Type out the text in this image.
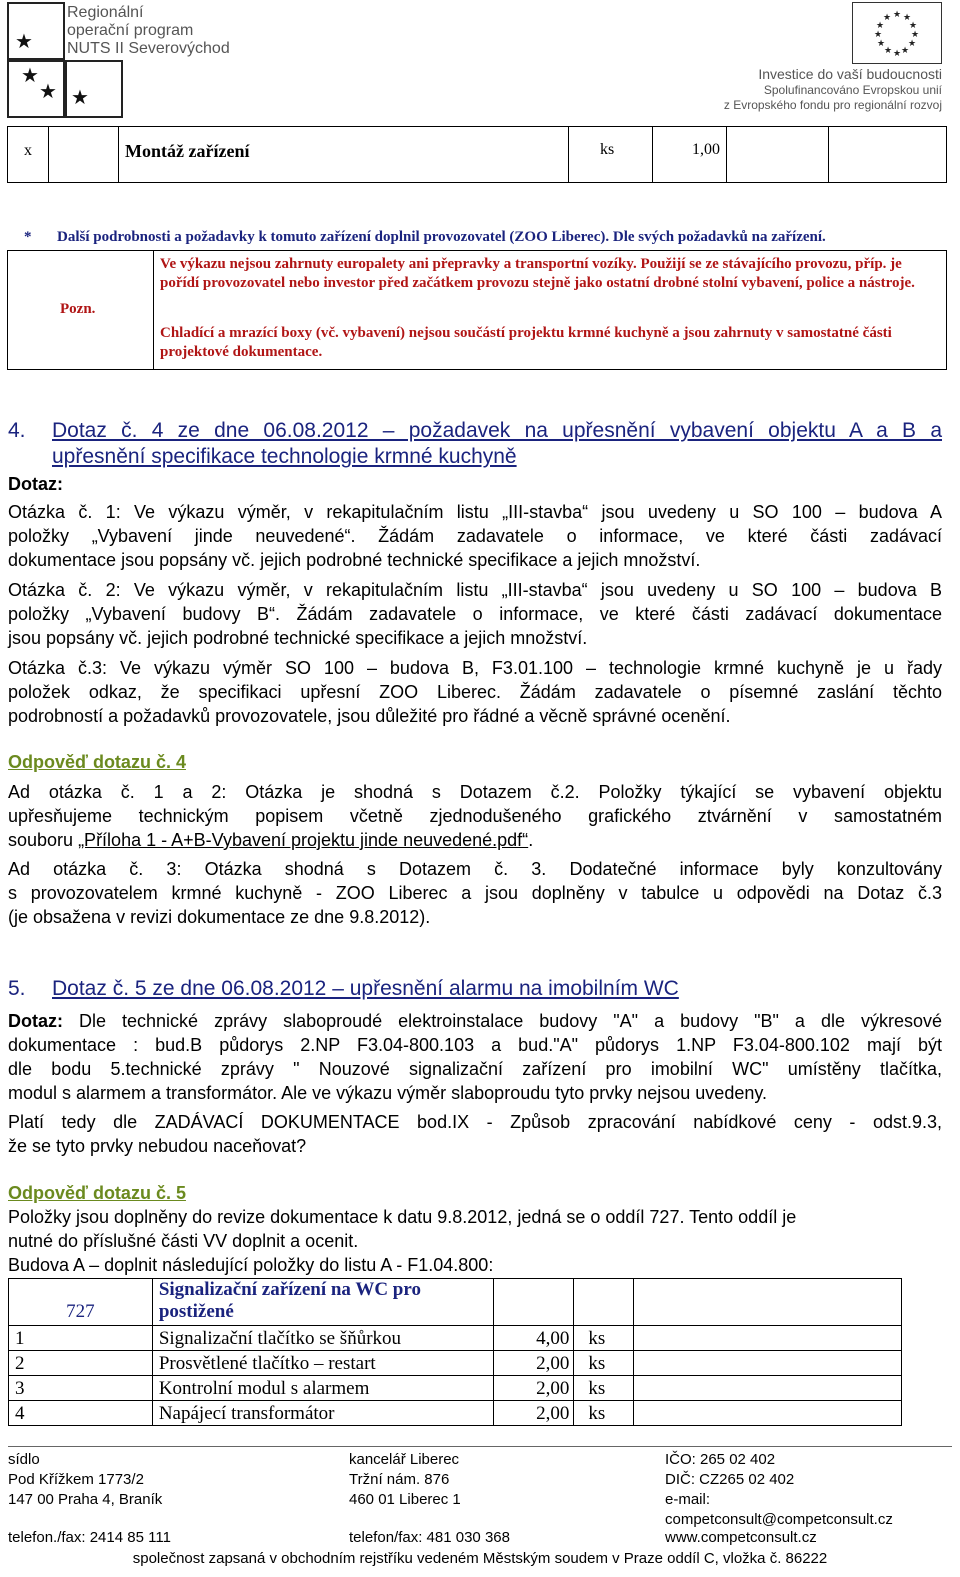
★
★
★ ★
Regionální
operační program
NUTS II Severovýchod
★ ★
★
★
★
★
★
★
★
★
★
★
Investice do vaší budoucnosti
Spolufinancováno Evropskou unií
z Evropského fondu pro regionální rozvoj
x	Montáž zařízení	ks	1,00
* Další podrobnosti a požadavky k tomuto zařízení doplnil provozovatel (ZOO Liberec). Dle svých požadavků na zařízení.
Pozn.
Ve výkazu nejsou zahrnuty europalety ani přepravky a transportní vozíky. Použijí se ze stávajícího provozu, příp. je pořídí provozovatel nebo investor před začátkem provozu stejně jako ostatní drobné stolní vybavení, police a nástroje.
Chladící a mrazící boxy (vč. vybavení) nejsou součástí projektu krmné kuchyně a jsou zahrnuty v samostatné části projektové dokumentace.
4. Dotaz č. 4 ze dne 06.08.2012 – požadavek na upřesnění vybavení objektu A a B a
upřesnění specifikace technologie krmné kuchyně
Dotaz:
Otázka č. 1: Ve výkazu výměr, v rekapitulačním listu „III-stavba“ jsou uvedeny u SO 100 – budova A
položky „Vybavení jinde neuvedené“. Žádám zadavatele o informace, ve které části zadávací
dokumentace jsou popsány vč. jejich podrobné technické specifikace a jejich množství.
Otázka č. 2: Ve výkazu výměr, v rekapitulačním listu „III-stavba“ jsou uvedeny u SO 100 – budova B
položky „Vybavení budovy B“. Žádám zadavatele o informace, ve které části zadávací dokumentace
jsou popsány vč. jejich podrobné technické specifikace a jejich množství.
Otázka č.3: Ve výkazu výměr SO 100 – budova B, F3.01.100 – technologie krmné kuchyně je u řady
položek odkaz, že specifikaci upřesní ZOO Liberec. Žádám zadavatele o písemné zaslání těchto
podrobností a požadavků provozovatele, jsou důležité pro řádné a věcně správné ocenění.
Odpověď dotazu č. 4
Ad otázka č. 1 a 2: Otázka je shodná s Dotazem č.2. Položky týkající se vybavení objektu
upřesňujeme technickým popisem včetně zjednodušeného grafického ztvárnění v samostatném
souboru „Příloha 1 - A+B-Vybavení projektu jinde neuvedené.pdf“.
Ad otázka č. 3: Otázka shodná s Dotazem č. 3. Dodatečné informace byly konzultovány
s provozovatelem krmné kuchyně - ZOO Liberec a jsou doplněny v tabulce u odpovědi na Dotaz č.3
(je obsažena v revizi dokumentace ze dne 9.8.2012).
5. Dotaz č. 5 ze dne 06.08.2012 – upřesnění alarmu na imobilním WC
Dotaz: Dle technické zprávy slaboproudé elektroinstalace budovy "A" a budovy "B" a dle výkresové
dokumentace : bud.B půdorys 2.NP F3.04-800.103 a bud."A" půdorys 1.NP F3.04-800.102 mají být
dle bodu 5.technické zprávy " Nouzové signalizační zařízení pro imobilní WC" umístěny tlačítka,
modul s alarmem a transformátor. Ale ve výkazu výměr slaboproudu tyto prvky nejsou uvedeny.
Platí tedy dle ZADÁVACÍ DOKUMENTACE bod.IX - Způsob zpracování nabídkové ceny - odst.9.3,
že se tyto prvky nebudou naceňovat?
Odpověď dotazu č. 5
Položky jsou doplněny do revize dokumentace k datu 9.8.2012, jedná se o oddíl 727. Tento oddíl je
nutné do příslušné části VV doplnit a ocenit.
Budova A – doplnit následující položky do listu A - F1.04.800:
727	Signalizační zařízení na WC pro
postižené			
1	Signalizační tlačítko se šňůrkou	4,00	ks	
2	Prosvětlené tlačítko – restart	2,00	ks	
3	Kontrolní modul s alarmem	2,00	ks	
4	Napájecí transformátor	2,00	ks	
sídlo
Pod Křížkem 1773/2
147 00 Praha 4, Braník
telefon./fax: 2414 85 111
kancelář Liberec
Tržní nám. 876
460 01 Liberec 1
telefon/fax: 481 030 368
IČO: 265 02 402
DIČ: CZ265 02 402
e-mail:
competconsult@competconsult.cz
www.competconsult.cz
společnost zapsaná v obchodním rejstříku vedeném Městským soudem v Praze oddíl C, vložka č. 86222
